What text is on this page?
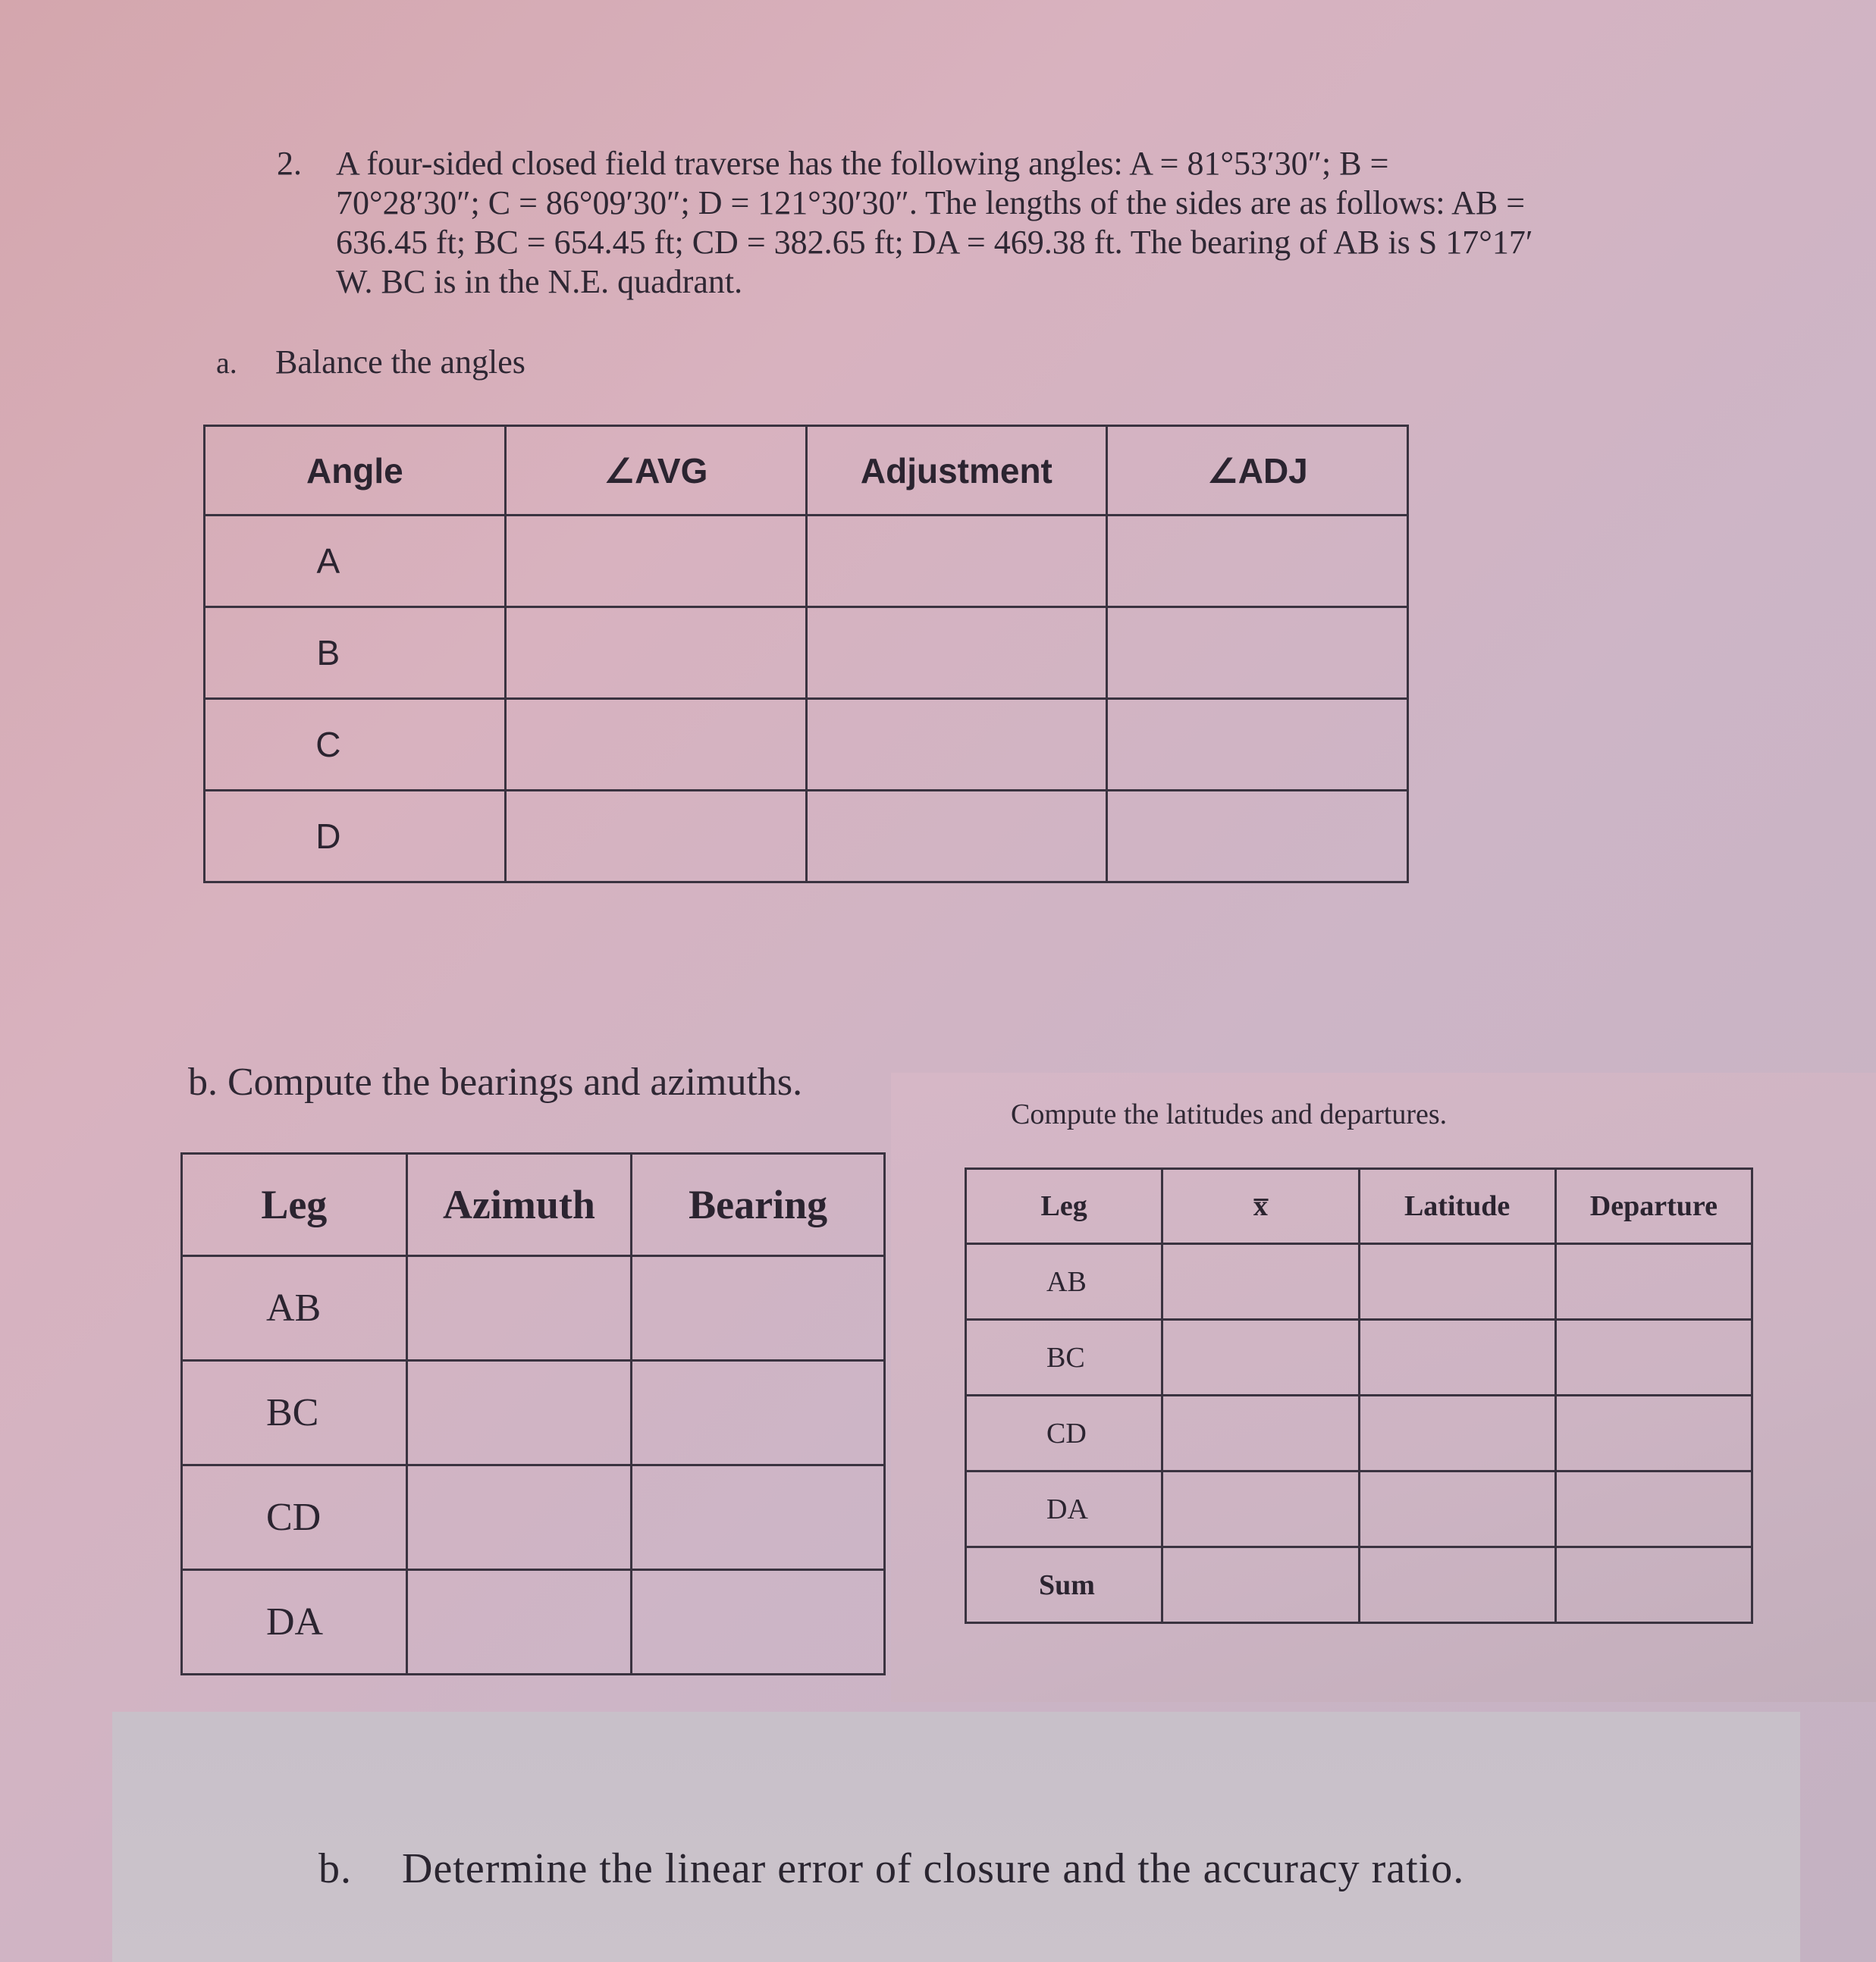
2. A four-sided closed field traverse has the following angles: A = 81°53′30″; B =
70°28′30″; C = 86°09′30″; D = 121°30′30″. The lengths of the sides are as follows: AB =
636.45 ft; BC = 654.45 ft; CD = 382.65 ft; DA = 469.38 ft. The bearing of AB is S 17°17′
W. BC is in the N.E. quadrant.
a. Balance the angles
Angle	∠AVG	Adjustment	∠ADJ
A			
B			
C			
D			
b. Compute the bearings and azimuths.
Leg	Azimuth	Bearing
AB		
BC		
CD		
DA		
Compute the latitudes and departures.
Leg	x̅	Latitude	Departure
AB			
BC			
CD			
DA			
Sum			
b. Determine the linear error of closure and the accuracy ratio.
